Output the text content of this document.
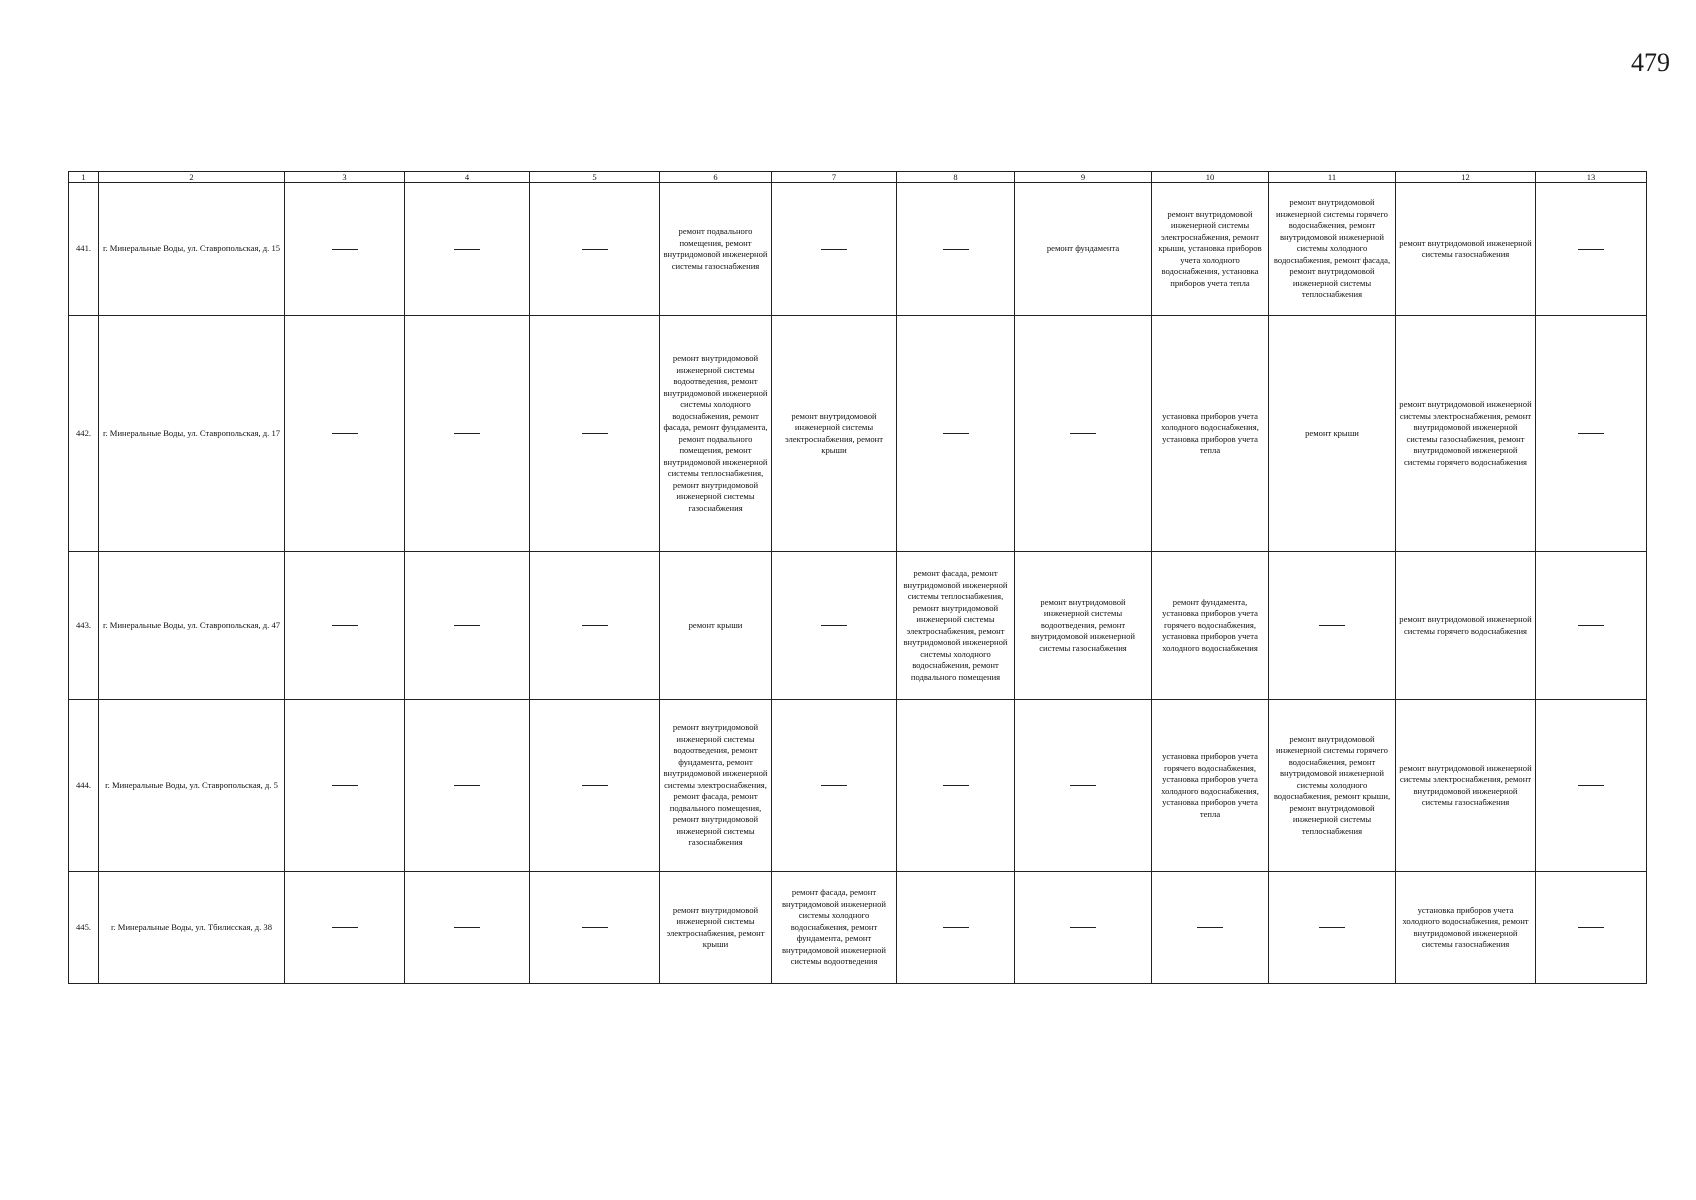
479
1	2	3	4	5	6	7	8	9	10	11	12	13
441.	г. Минеральные Воды, ул. Ставропольская, д. 15				ремонт подвального помещения, ремонт внутридомовой инженерной системы газоснабжения			ремонт фундамента	ремонт внутридомовой инженерной системы электроснабжения, ремонт крыши, установка приборов учета холодного водоснабжения, установка приборов учета тепла	ремонт внутридомовой инженерной системы горячего водоснабжения, ремонт внутридомовой инженерной системы холодного водоснабжения, ремонт фасада, ремонт внутридомовой инженерной системы теплоснабжения	ремонт внутридомовой инженерной системы газоснабжения	
442.	г. Минеральные Воды, ул. Ставропольская, д. 17				ремонт внутридомовой инженерной системы водоотведения, ремонт внутридомовой инженерной системы холодного водоснабжения, ремонт фасада, ремонт фундамента, ремонт подвального помещения, ремонт внутридомовой инженерной системы теплоснабжения, ремонт внутридомовой инженерной системы газоснабжения	ремонт внутридомовой инженерной системы электроснабжения, ремонт крыши			установка приборов учета холодного водоснабжения, установка приборов учета тепла	ремонт крыши	ремонт внутридомовой инженерной системы электроснабжения, ремонт внутридомовой инженерной системы газоснабжения, ремонт внутридомовой инженерной системы горячего водоснабжения	
443.	г. Минеральные Воды, ул. Ставропольская, д. 47				ремонт крыши		ремонт фасада, ремонт внутридомовой инженерной системы теплоснабжения, ремонт внутридомовой инженерной системы электроснабжения, ремонт внутридомовой инженерной системы холодного водоснабжения, ремонт подвального помещения	ремонт внутридомовой инженерной системы водоотведения, ремонт внутридомовой инженерной системы газоснабжения	ремонт фундамента, установка приборов учета горячего водоснабжения, установка приборов учета холодного водоснабжения		ремонт внутридомовой инженерной системы горячего водоснабжения	
444.	г. Минеральные Воды, ул. Ставропольская, д. 5				ремонт внутридомовой инженерной системы водоотведения, ремонт фундамента, ремонт внутридомовой инженерной системы электроснабжения, ремонт фасада, ремонт подвального помещения, ремонт внутридомовой инженерной системы газоснабжения				установка приборов учета горячего водоснабжения, установка приборов учета холодного водоснабжения, установка приборов учета тепла	ремонт внутридомовой инженерной системы горячего водоснабжения, ремонт внутридомовой инженерной системы холодного водоснабжения, ремонт крыши, ремонт внутридомовой инженерной системы теплоснабжения	ремонт внутридомовой инженерной системы электроснабжения, ремонт внутридомовой инженерной системы газоснабжения	
445.	г. Минеральные Воды, ул. Тбилисская, д. 38				ремонт внутридомовой инженерной системы электроснабжения, ремонт крыши	ремонт фасада, ремонт внутридомовой инженерной системы холодного водоснабжения, ремонт фундамента, ремонт внутридомовой инженерной системы водоотведения					установка приборов учета холодного водоснабжения, ремонт внутридомовой инженерной системы газоснабжения	
